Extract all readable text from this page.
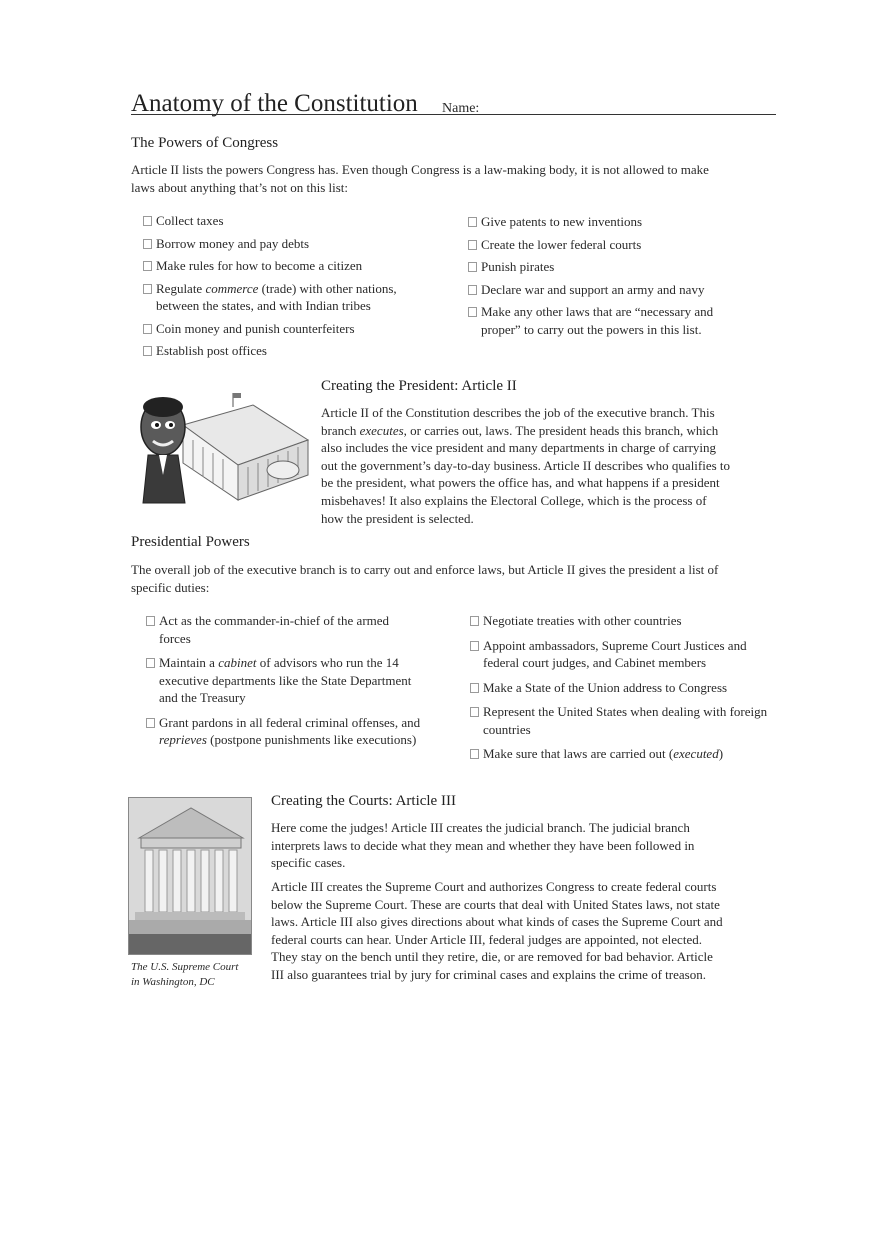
Anatomy of the Constitution Name:
The Powers of Congress

Article II lists the powers Congress has. Even though Congress is a law-making body, it is not allowed to make laws about anything that’s not on this list:

Collect taxes
Borrow money and pay debts
Make rules for how to become a citizen
Regulate commerce (trade) with other nations, between the states, and with Indian tribes
Coin money and punish counterfeiters
Establish post offices
Give patents to new inventions
Create the lower federal courts
Punish pirates
Declare war and support an army and navy
Make any other laws that are “necessary and proper” to carry out the powers in this list.
Creating the President: Article II

Article II of the Constitution describes the job of the executive branch. This branch executes, or carries out, laws. The president heads this branch, which also includes the vice president and many departments in charge of carrying out the government’s day-to-day business. Article II describes who qualifies to be the president, what powers the office has, and what happens if a president misbehaves! It also explains the Electoral College, which is the process of how the president is selected.

Presidential Powers

The overall job of the executive branch is to carry out and enforce laws, but Article II gives the president a list of specific duties:

Act as the commander-in-chief of the armed forces
Maintain a cabinet of advisors who run the 14 executive departments like the State Department and the Treasury
Grant pardons in all federal criminal offenses, and reprieves (postpone punishments like executions)
Negotiate treaties with other countries
Appoint ambassadors, Supreme Court Justices and federal court judges, and Cabinet members
Make a State of the Union address to Congress
Represent the United States when dealing with foreign countries
Make sure that laws are carried out (executed)
The U.S. Supreme Court
in Washington, DC
Creating the Courts: Article III

Here come the judges! Article III creates the judicial branch. The judicial branch interprets laws to decide what they mean and whether they have been followed in specific cases.

Article III creates the Supreme Court and authorizes Congress to create federal courts below the Supreme Court. These are courts that deal with United States laws, not state laws. Article III also gives directions about what kinds of cases the Supreme Court and federal courts can hear. Under Article III, federal judges are appointed, not elected. They stay on the bench until they retire, die, or are removed for bad behavior. Article III also guarantees trial by jury for criminal cases and explains the crime of treason.
